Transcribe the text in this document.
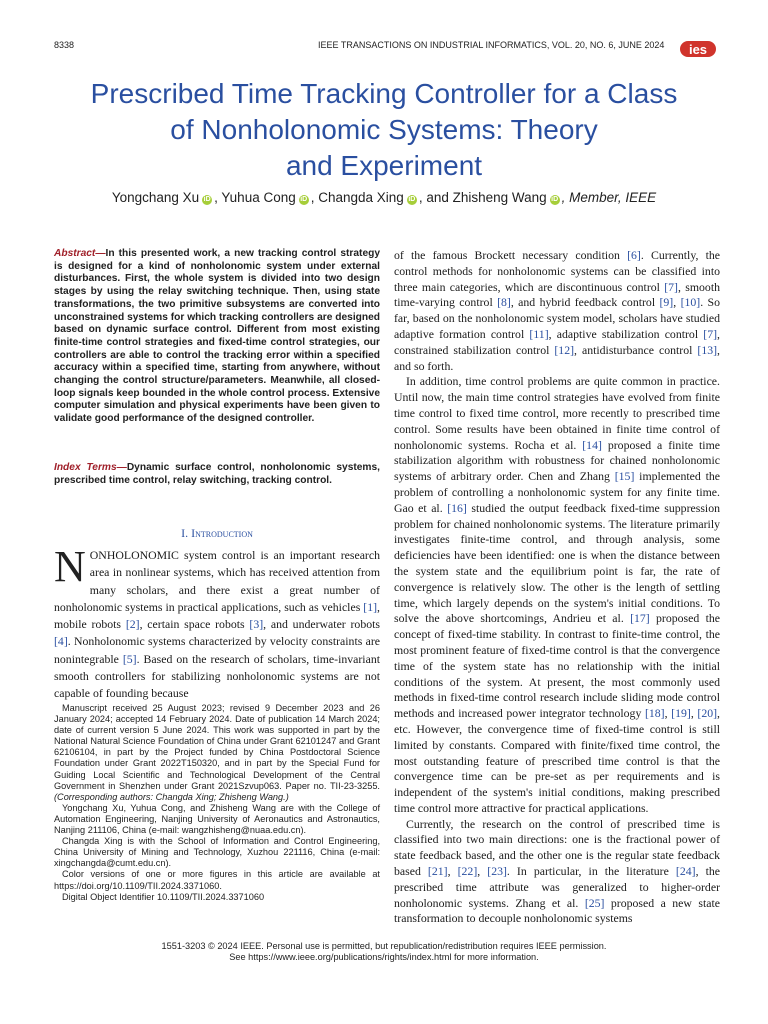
8338	IEEE TRANSACTIONS ON INDUSTRIAL INFORMATICS, VOL. 20, NO. 6, JUNE 2024 ies
Prescribed Time Tracking Controller for a Class
of Nonholonomic Systems: Theory
and Experiment
Yongchang Xu iD , Yuhua Cong iD , Changda Xing iD , and Zhisheng Wang iD , Member, IEEE
Abstract—In this presented work, a new tracking control strategy is designed for a kind of nonholonomic system under external disturbances. First, the whole system is divided into two design stages by using the relay switching technique. Then, using state transformations, the two primitive subsystems are converted into unconstrained systems for which tracking controllers are designed based on dynamic surface control. Different from most existing finite-time control strategies and fixed-time control strategies, our controllers are able to control the tracking error within a specified accuracy within a specified time, starting from anywhere, without changing the control structure/parameters. Meanwhile, all closed-loop signals keep bounded in the whole control process. Extensive computer simulation and physical experiments have been given to validate good performance of the designed controller.
Index Terms—Dynamic surface control, nonholonomic systems, prescribed time control, relay switching, tracking control.
I. Introduction
NONHOLONOMIC system control is an important research area in nonlinear systems, which has received attention from many scholars, and there exist a great number of nonholonomic systems in practical applications, such as vehicles [1], mobile robots [2], certain space robots [3], and underwater robots [4]. Nonholonomic systems characterized by velocity constraints are nonintegrable [5]. Based on the research of scholars, time-invariant smooth controllers for stabilizing nonholonomic systems are not capable of founding because

Manuscript received 25 August 2023; revised 9 December 2023 and 26 January 2024; accepted 14 February 2024. Date of publication 14 March 2024; date of current version 5 June 2024. This work was supported in part by the National Natural Science Foundation of China under Grant 62101247 and Grant 62106104, in part by the Project funded by China Postdoctoral Science Foundation under Grant 2022T150320, and in part by the Special Fund for Guiding Local Scientific and Technological Development of the Central Government in Shenzhen under Grant 2021Szvup063. Paper no. TII-23-3255. (Corresponding authors: Changda Xing; Zhisheng Wang.)

Yongchang Xu, Yuhua Cong, and Zhisheng Wang are with the College of Automation Engineering, Nanjing University of Aeronautics and Astronautics, Nanjing 211106, China (e-mail: wangzhisheng@nuaa.edu.cn).

Changda Xing is with the School of Information and Control Engineering, China University of Mining and Technology, Xuzhou 221116, China (e-mail: xingchangda@cumt.edu.cn).

Color versions of one or more figures in this article are available at https://doi.org/10.1109/TII.2024.3371060.

Digital Object Identifier 10.1109/TII.2024.3371060

of the famous Brockett necessary condition [6]. Currently, the control methods for nonholonomic systems can be classified into three main categories, which are discontinuous control [7], smooth time-varying control [8], and hybrid feedback control [9], [10]. So far, based on the nonholonomic system model, scholars have studied adaptive formation control [11], adaptive stabilization control [7], constrained stabilization control [12], antidisturbance control [13], and so forth.

In addition, time control problems are quite common in practice. Until now, the main time control strategies have evolved from finite time control to fixed time control, more recently to prescribed time control. Some results have been obtained in finite time control of nonholonomic systems. Rocha et al. [14] proposed a finite time stabilization algorithm with robustness for chained nonholonomic systems of arbitrary order. Chen and Zhang [15] implemented the problem of controlling a nonholonomic system for any finite time. Gao et al. [16] studied the output feedback fixed-time suppression problem for chained nonholonomic systems. The literature primarily investigates finite-time control, and through analysis, some deficiencies have been identified: one is when the distance between the system state and the equilibrium point is far, the rate of convergence is relatively slow. The other is the length of settling time, which largely depends on the system's initial conditions. To solve the above shortcomings, Andrieu et al. [17] proposed the concept of fixed-time stability. In contrast to finite-time control, the most prominent feature of fixed-time control is that the convergence time of the system state has no relationship with the initial conditions of the system. At present, the most commonly used methods in fixed-time control research include sliding mode control methods and increased power integrator technology [18], [19], [20], etc. However, the convergence time of fixed-time control is still limited by constants. Compared with finite/fixed time control, the most outstanding feature of prescribed time control is that the convergence time can be pre-set as per requirements and is independent of the system's initial conditions, making prescribed time control more attractive for practical applications.

Currently, the research on the control of prescribed time is classified into two main directions: one is the fractional power of state feedback based, and the other one is the regular state feedback based [21], [22], [23]. In particular, in the literature [24], the prescribed time attribute was generalized to higher-order nonholonomic systems. Zhang et al. [25] proposed a new state transformation to decouple nonholonomic systems

1551-3203 © 2024 IEEE. Personal use is permitted, but republication/redistribution requires IEEE permission.
See https://www.ieee.org/publications/rights/index.html for more information.
